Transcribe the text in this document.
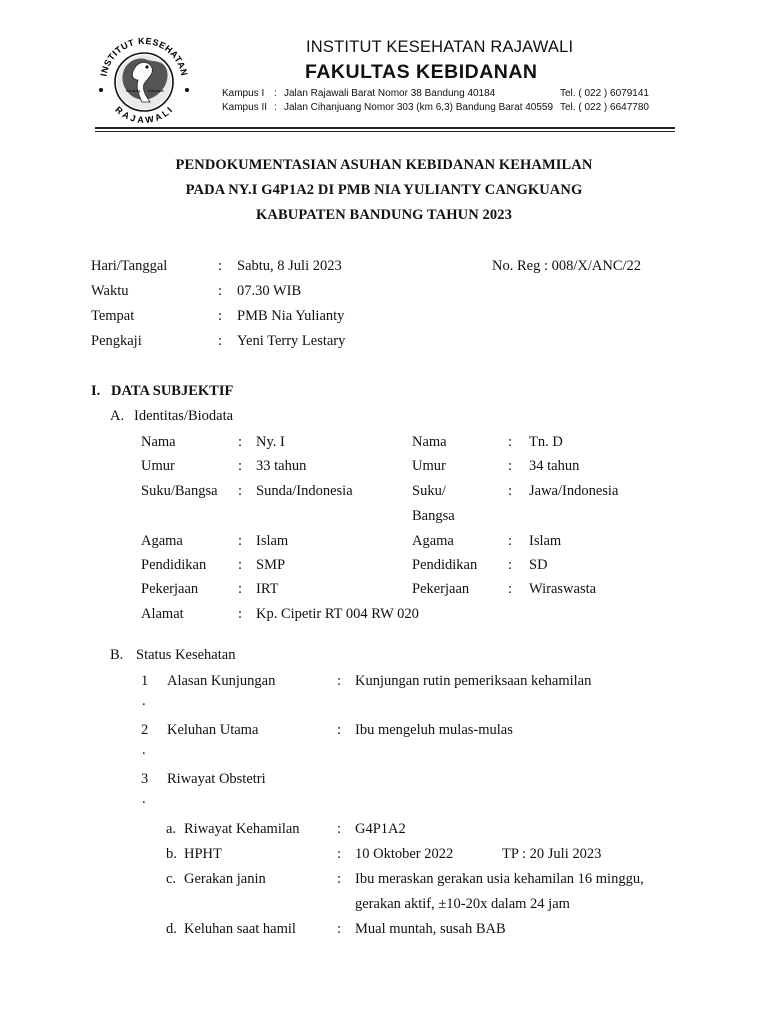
Bandung Indonesia
INSTITUT KESEHATAN
RAJAWALI
INSTITUT KESEHATAN RAJAWALI
FAKULTAS KEBIDANAN
Kampus I : Jalan Rajawali Barat Nomor 38 Bandung 40184	Tel. ( 022 ) 6079141
Kampus II : Jalan Cihanjuang Nomor 303 (km 6,3) Bandung Barat 40559 Tel. ( 022 ) 6647780
PENDOKUMENTASIAN ASUHAN KEBIDANAN KEHAMILAN
PADA NY.I G4P1A2 DI PMB NIA YULIANTY CANGKUANG
KABUPATEN BANDUNG TAHUN 2023
Hari/Tanggal	: Sabtu, 8 Juli 2023	No. Reg : 008/X/ANC/22
Waktu	: 07.30 WIB
Tempat	: PMB Nia Yulianty
Pengkaji	: Yeni Terry Lestary
I. DATA SUBJEKTIF
A. Identitas/Biodata
Nama	: Ny. I	Nama	: Tn. D
Umur	: 33 tahun	Umur	: 34 tahun
Suku/Bangsa : Sunda/Indonesia	Suku/	: Jawa/Indonesia
Bangsa
Agama	: Islam	Agama	: Islam
Pendidikan : SMP	Pendidikan : SD
Pekerjaan	: IRT	Pekerjaan	: Wiraswasta
Alamat	: Kp. Cipetir RT 004 RW 020
B. Status Kesehatan
1 Alasan Kunjungan	: Kunjungan rutin pemeriksaan kehamilan
.
2 Keluhan Utama	: Ibu mengeluh mulas-mulas
.
3 Riwayat Obstetri
.
a. Riwayat Kehamilan	: G4P1A2
b. HPHT	: 10 Oktober 2022	TP : 20 Juli 2023
c. Gerakan janin	: Ibu meraskan gerakan usia kehamilan 16 minggu,
gerakan aktif, ±10-20x dalam 24 jam
d. Keluhan saat hamil	: Mual muntah, susah BAB
